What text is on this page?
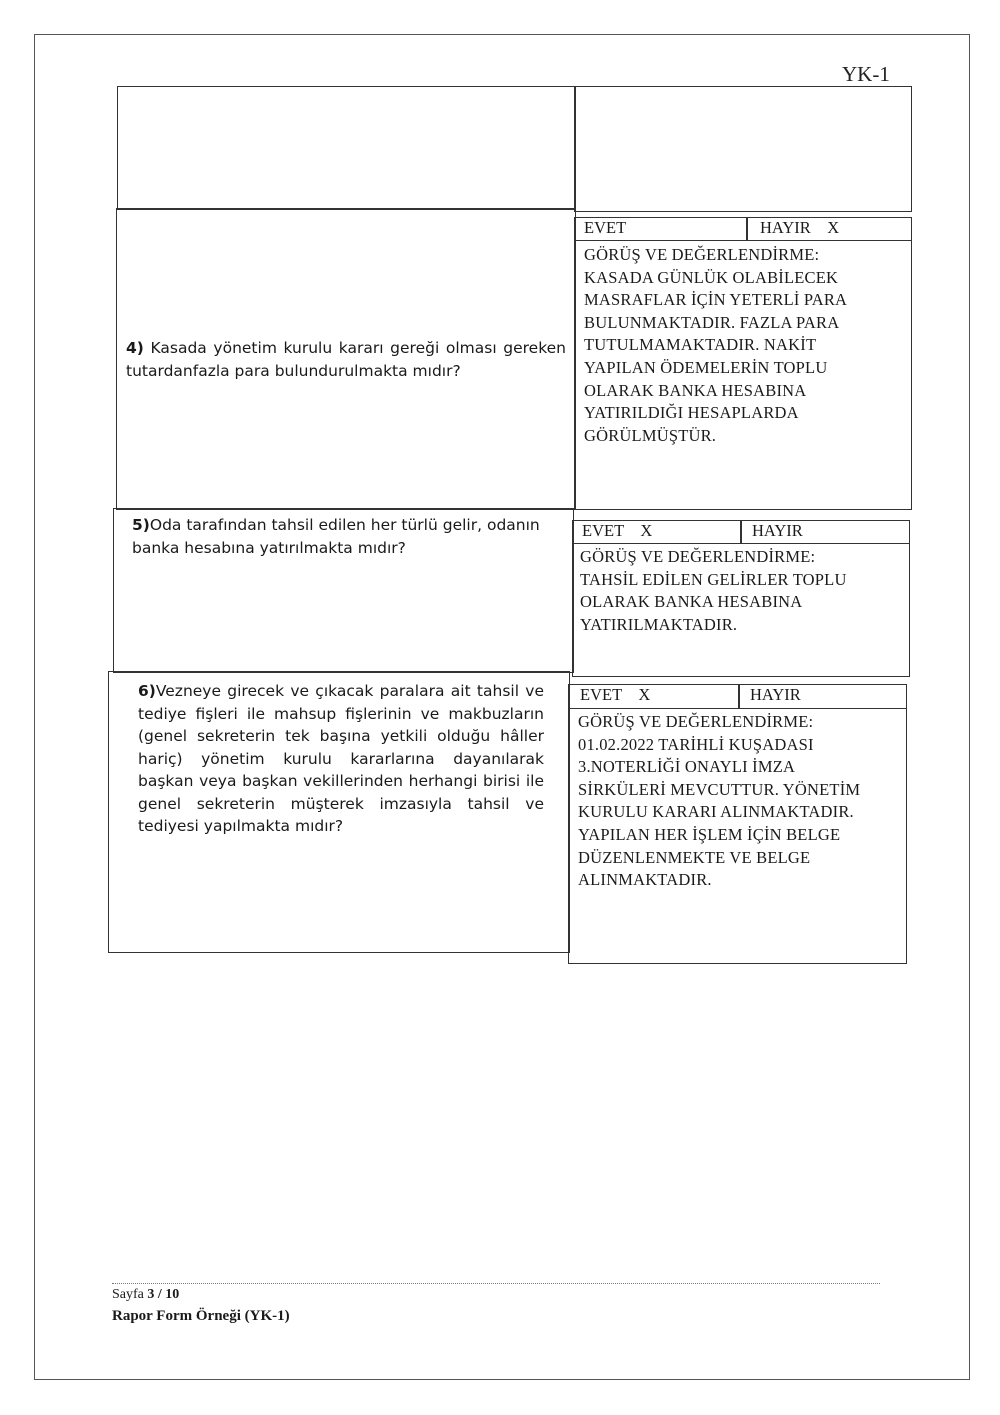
YK-1
4) Kasada yönetim kurulu kararı gereği olması gereken tutardanfazla para bulundurulmakta mıdır?
EVET	HAYIR    X
GÖRÜŞ VE DEĞERLENDİRME:
KASADA GÜNLÜK OLABİLECEK MASRAFLAR İÇİN YETERLİ PARA BULUNMAKTADIR. FAZLA PARA TUTULMAMAKTADIR. NAKİT YAPILAN ÖDEMELERİN TOPLU OLARAK BANKA HESABINA YATIRILDIĞI HESAPLARDA GÖRÜLMÜŞTÜR.
5)Oda tarafından tahsil edilen her türlü gelir, odanın banka hesabına yatırılmakta mıdır?
EVET    X	HAYIR
GÖRÜŞ VE DEĞERLENDİRME:
TAHSİL EDİLEN GELİRLER TOPLU OLARAK BANKA HESABINA YATIRILMAKTADIR.
6)Vezneye girecek ve çıkacak paralara ait tahsil ve tediye fişleri ile mahsup fişlerinin ve makbuzların (genel sekreterin tek başına yetkili olduğu hâller hariç) yönetim kurulu kararlarına dayanılarak başkan veya başkan vekillerinden herhangi birisi ile genel sekreterin müşterek imzasıyla tahsil ve tediyesi yapılmakta mıdır?
EVET    X	HAYIR
GÖRÜŞ VE DEĞERLENDİRME:
01.02.2022 TARİHLİ KUŞADASI 3.NOTERLİĞİ ONAYLI İMZA SİRKÜLERİ MEVCUTTUR. YÖNETİM KURULU KARARI ALINMAKTADIR. YAPILAN HER İŞLEM İÇİN BELGE DÜZENLENMEKTE VE BELGE ALINMAKTADIR.
Sayfa 3 / 10
Rapor Form Örneği (YK-1)
